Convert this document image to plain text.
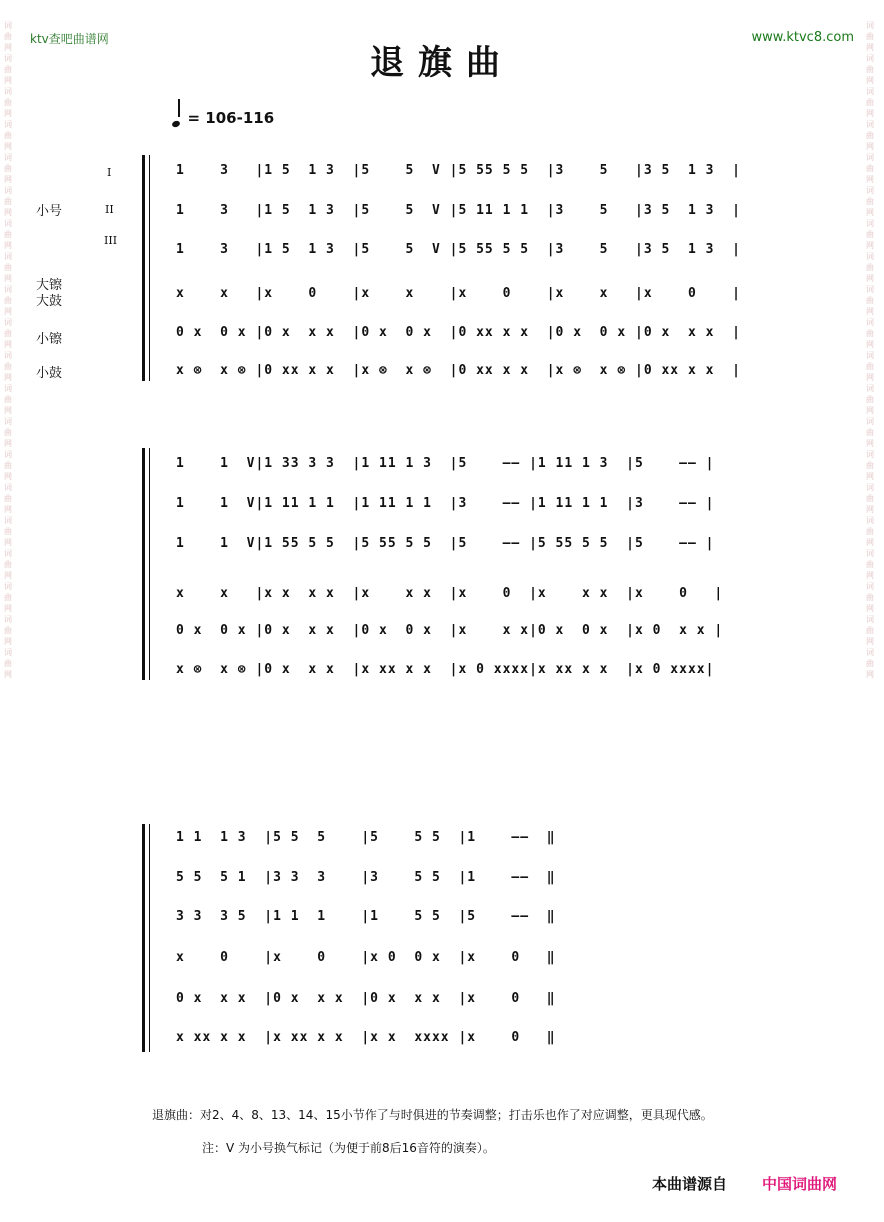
词曲网词曲网词曲网词曲网词曲网词曲网词曲网词曲网词曲网词曲网词曲网词曲网词曲网词曲网词曲网词曲网词曲网词曲网词曲网词曲网
词曲网词曲网词曲网词曲网词曲网词曲网词曲网词曲网词曲网词曲网词曲网词曲网词曲网词曲网词曲网词曲网词曲网词曲网词曲网词曲网
ktv查吧曲谱网	www.ktvc8.com
退旗曲
= 106-116
小号
I
II
III
大镲
大鼓
小镲
小鼓
1    3   |1 5  1 3  |5    5  V |5 55 5 5  |3    5   |3 5  1 3  |
1    3   |1 5  1 3  |5    5  V |5 11 1 1  |3    5   |3 5  1 3  |
1    3   |1 5  1 3  |5    5  V |5 55 5 5  |3    5   |3 5  1 3  |
x    x   |x    0    |x    x    |x    0    |x    x   |x    0    |
0 x  0 x |0 x  x x  |0 x  0 x  |0 xx x x  |0 x  0 x |0 x  x x  |
x ⊗  x ⊗ |0 xx x x  |x ⊗  x ⊗  |0 xx x x  |x ⊗  x ⊗ |0 xx x x  |
1    1  V|1 33 3 3  |1 11 1 3  |5    —— |1 11 1 3  |5    —— |
1    1  V|1 11 1 1  |1 11 1 1  |3    —— |1 11 1 1  |3    —— |
1    1  V|1 55 5 5  |5 55 5 5  |5    —— |5 55 5 5  |5    —— |
x    x   |x x  x x  |x    x x  |x    0  |x    x x  |x    0   |
0 x  0 x |0 x  x x  |0 x  0 x  |x    x x|0 x  0 x  |x 0  x x |
x ⊗  x ⊗ |0 x  x x  |x xx x x  |x 0 xxxx|x xx x x  |x 0 xxxx|
1 1  1 3  |5 5  5    |5    5 5  |1    ——  ‖
5 5  5 1  |3 3  3    |3    5 5  |1    ——  ‖
3 3  3 5  |1 1  1    |1    5 5  |5    ——  ‖
x    0    |x    0    |x 0  0 x  |x    0   ‖
0 x  x x  |0 x  x x  |0 x  x x  |x    0   ‖
x xx x x  |x xx x x  |x x  xxxx |x    0   ‖
退旗曲：对2、4、8、13、14、15小节作了与时俱进的节奏调整；打击乐也作了对应调整，更具现代感。
注：V 为小号换气标记（为便于前8后16音符的演奏）。
本曲谱源自 中国词曲网
